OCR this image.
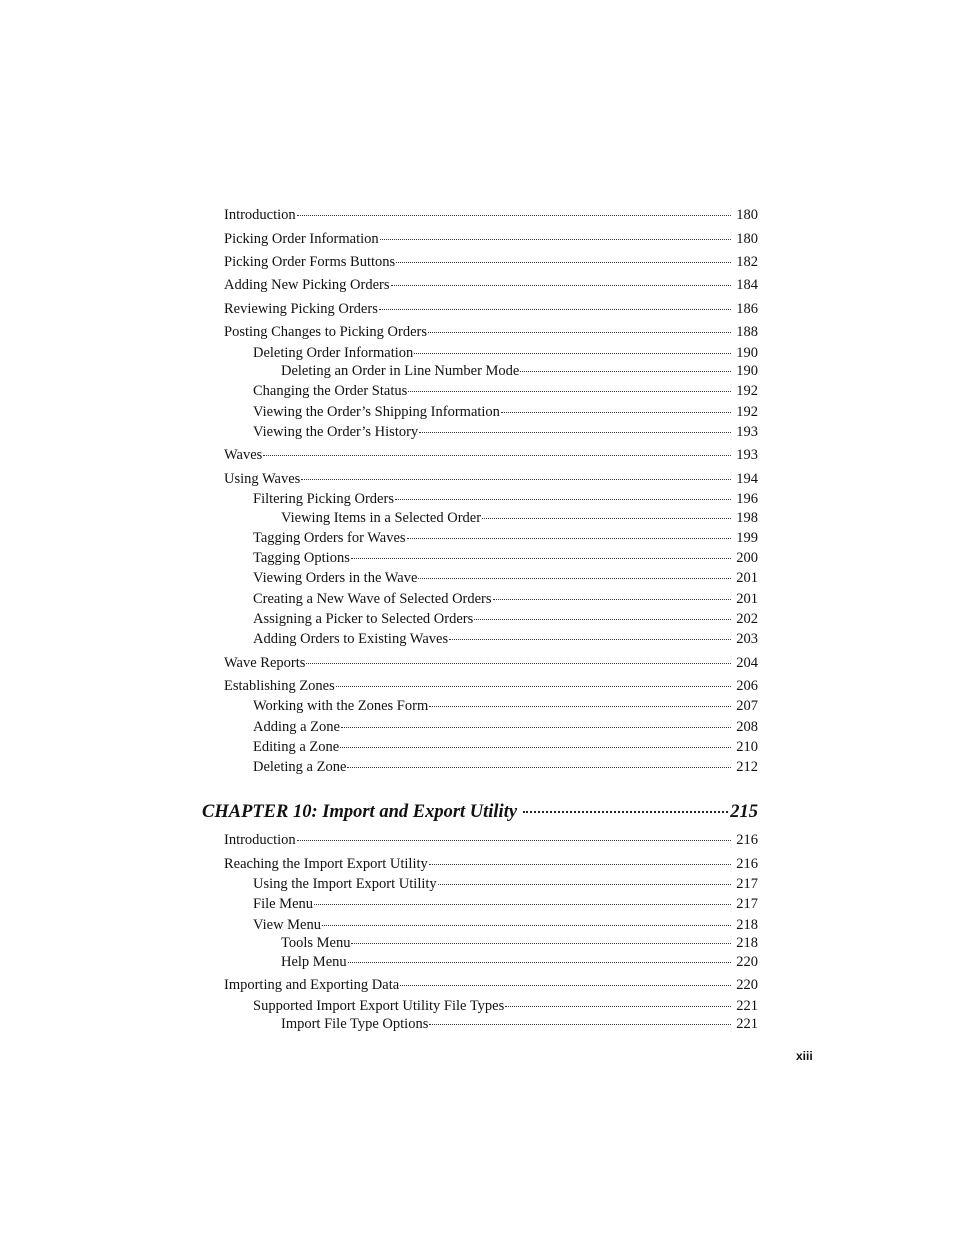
Introduction	180
Picking Order Information	180
Picking Order Forms Buttons	182
Adding New Picking Orders	184
Reviewing Picking Orders	186
Posting Changes to Picking Orders	188
Deleting Order Information	190
Deleting an Order in Line Number Mode	190
Changing the Order Status	192
Viewing the Order’s Shipping Information	192
Viewing the Order’s History	193
Waves	193
Using Waves	194
Filtering Picking Orders	196
Viewing Items in a Selected Order	198
Tagging Orders for Waves	199
Tagging Options	200
Viewing Orders in the Wave	201
Creating a New Wave of Selected Orders	201
Assigning a Picker to Selected Orders	202
Adding Orders to Existing Waves	203
Wave Reports	204
Establishing Zones	206
Working with the Zones Form	207
Adding a Zone	208
Editing a Zone	210
Deleting a Zone	212
CHAPTER 10: Import and Export Utility	215
Introduction	216
Reaching the Import Export Utility	216
Using the Import Export Utility	217
File Menu	217
View Menu	218
Tools Menu	218
Help Menu	220
Importing and Exporting Data	220
Supported Import Export Utility File Types	221
Import File Type Options	221
xiii
